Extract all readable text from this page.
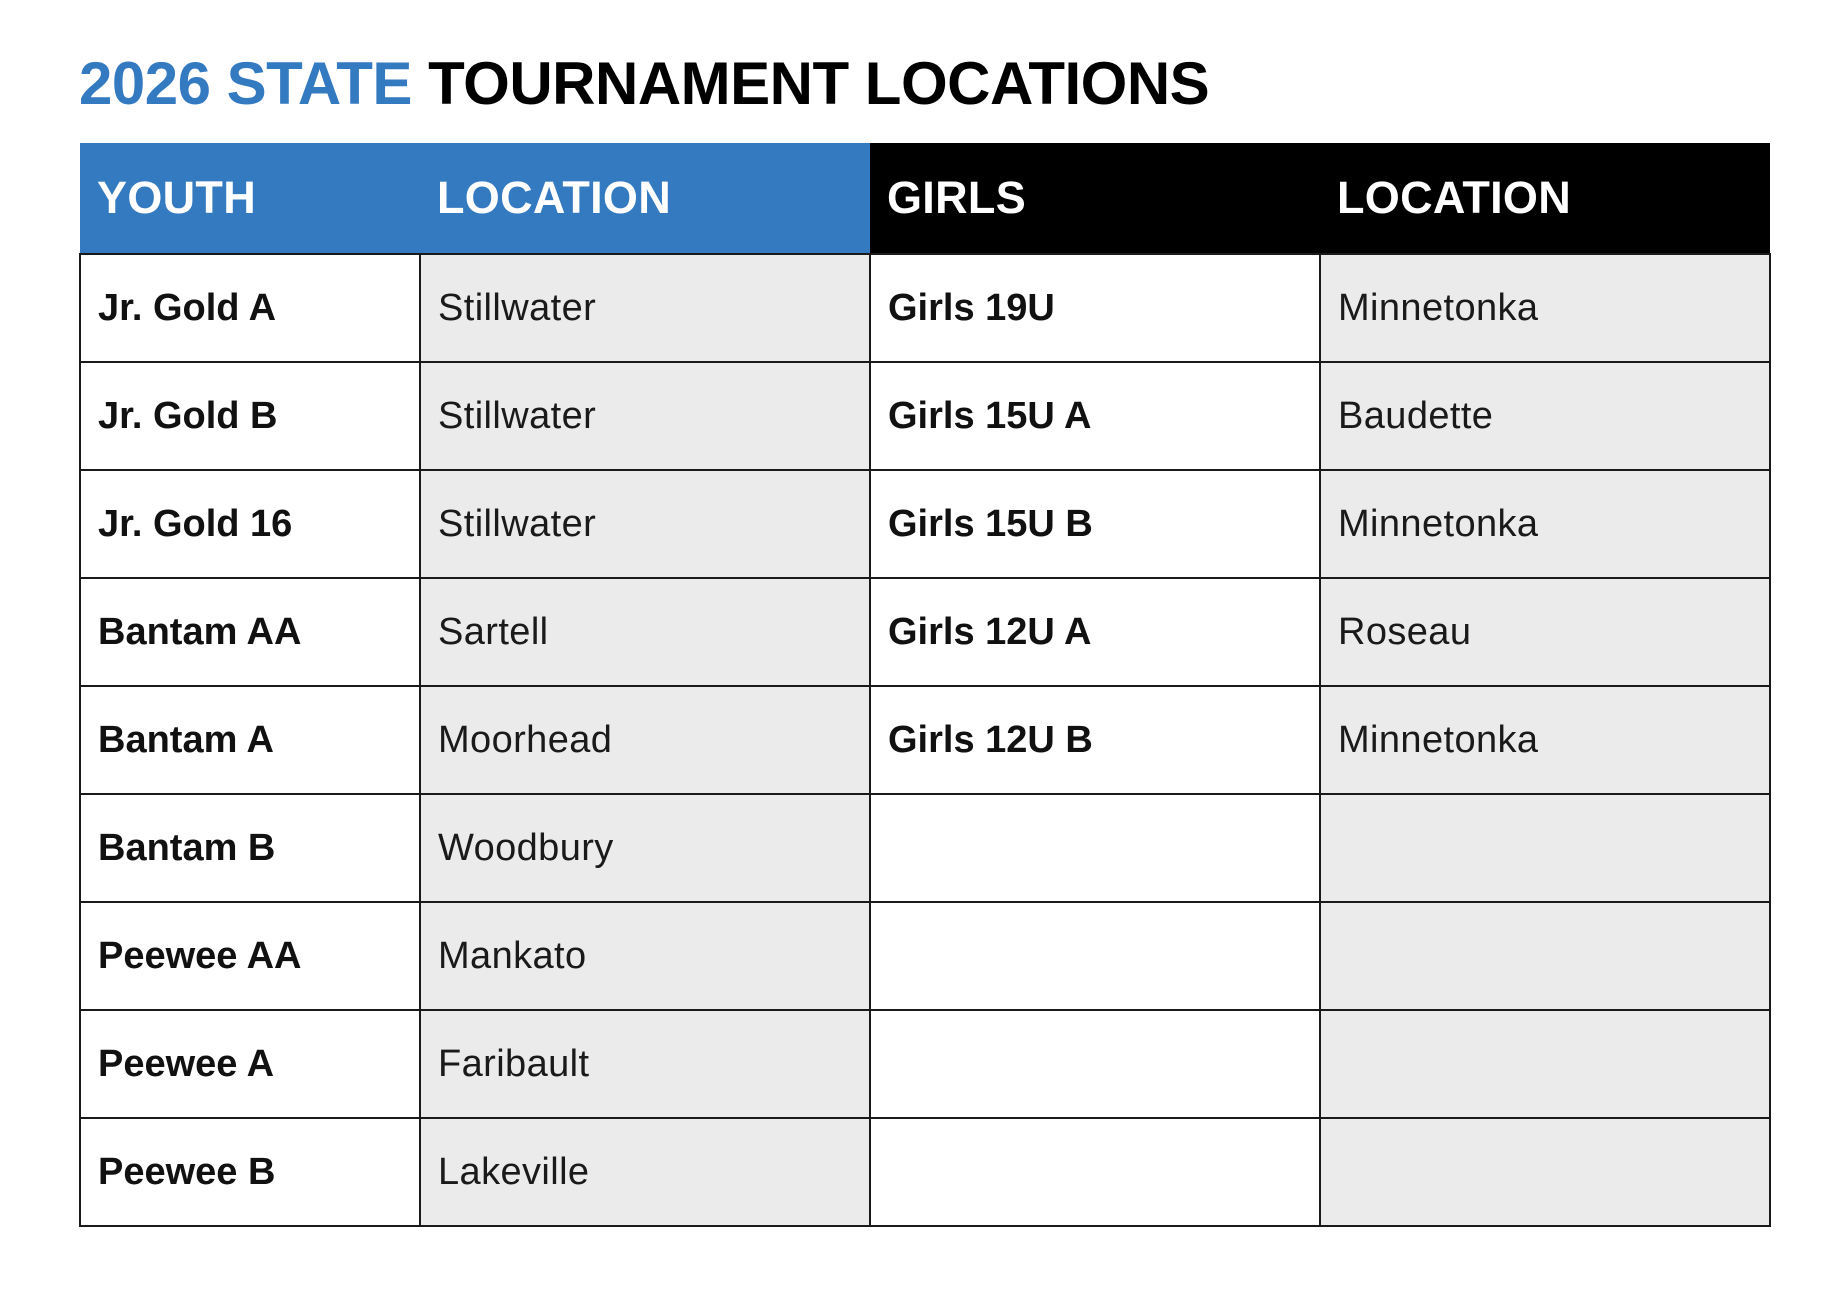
2026 STATE TOURNAMENT LOCATIONS
YOUTH	LOCATION	GIRLS	LOCATION
Jr. Gold A	Stillwater	Girls 19U	Minnetonka
Jr. Gold B	Stillwater	Girls 15U A	Baudette
Jr. Gold 16	Stillwater	Girls 15U B	Minnetonka
Bantam AA	Sartell	Girls 12U A	Roseau
Bantam A	Moorhead	Girls 12U B	Minnetonka
Bantam B	Woodbury		
Peewee AA	Mankato		
Peewee A	Faribault		
Peewee B	Lakeville		
